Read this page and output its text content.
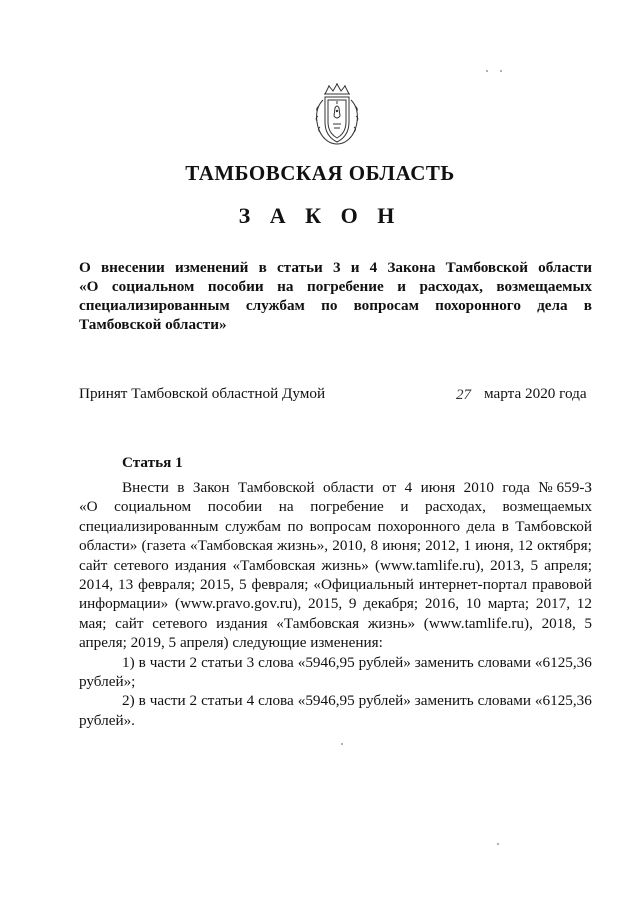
ТАМБОВСКАЯ ОБЛАСТЬ
З А К О Н
О внесении изменений в статьи 3 и 4 Закона Тамбовской области
«О социальном пособии на погребение и расходах, возмещаемых
специализированным службам по вопросам похоронного дела в
Тамбовской области»
Принят Тамбовской областной Думой	27 марта 2020 года
Статья 1
Внести в Закон Тамбовской области от 4 июня 2010 года № 659-З
«О социальном пособии на погребение и расходах, возмещаемых
специализированным службам по вопросам похоронного дела в Тамбовской
области» (газета «Тамбовская жизнь», 2010, 8 июня; 2012, 1 июня, 12 октября;
сайт сетевого издания «Тамбовская жизнь» (www.tamlife.ru), 2013, 5 апреля;
2014, 13 февраля; 2015, 5 февраля; «Официальный интернет-портал правовой
информации» (www.pravo.gov.ru), 2015, 9 декабря; 2016, 10 марта; 2017, 12
мая; сайт сетевого издания «Тамбовская жизнь» (www.tamlife.ru), 2018, 5
апреля; 2019, 5 апреля) следующие изменения:
1) в части 2 статьи 3 слова «5946,95 рублей» заменить словами «6125,36
рублей»;
2) в части 2 статьи 4 слова «5946,95 рублей» заменить словами «6125,36
рублей».
